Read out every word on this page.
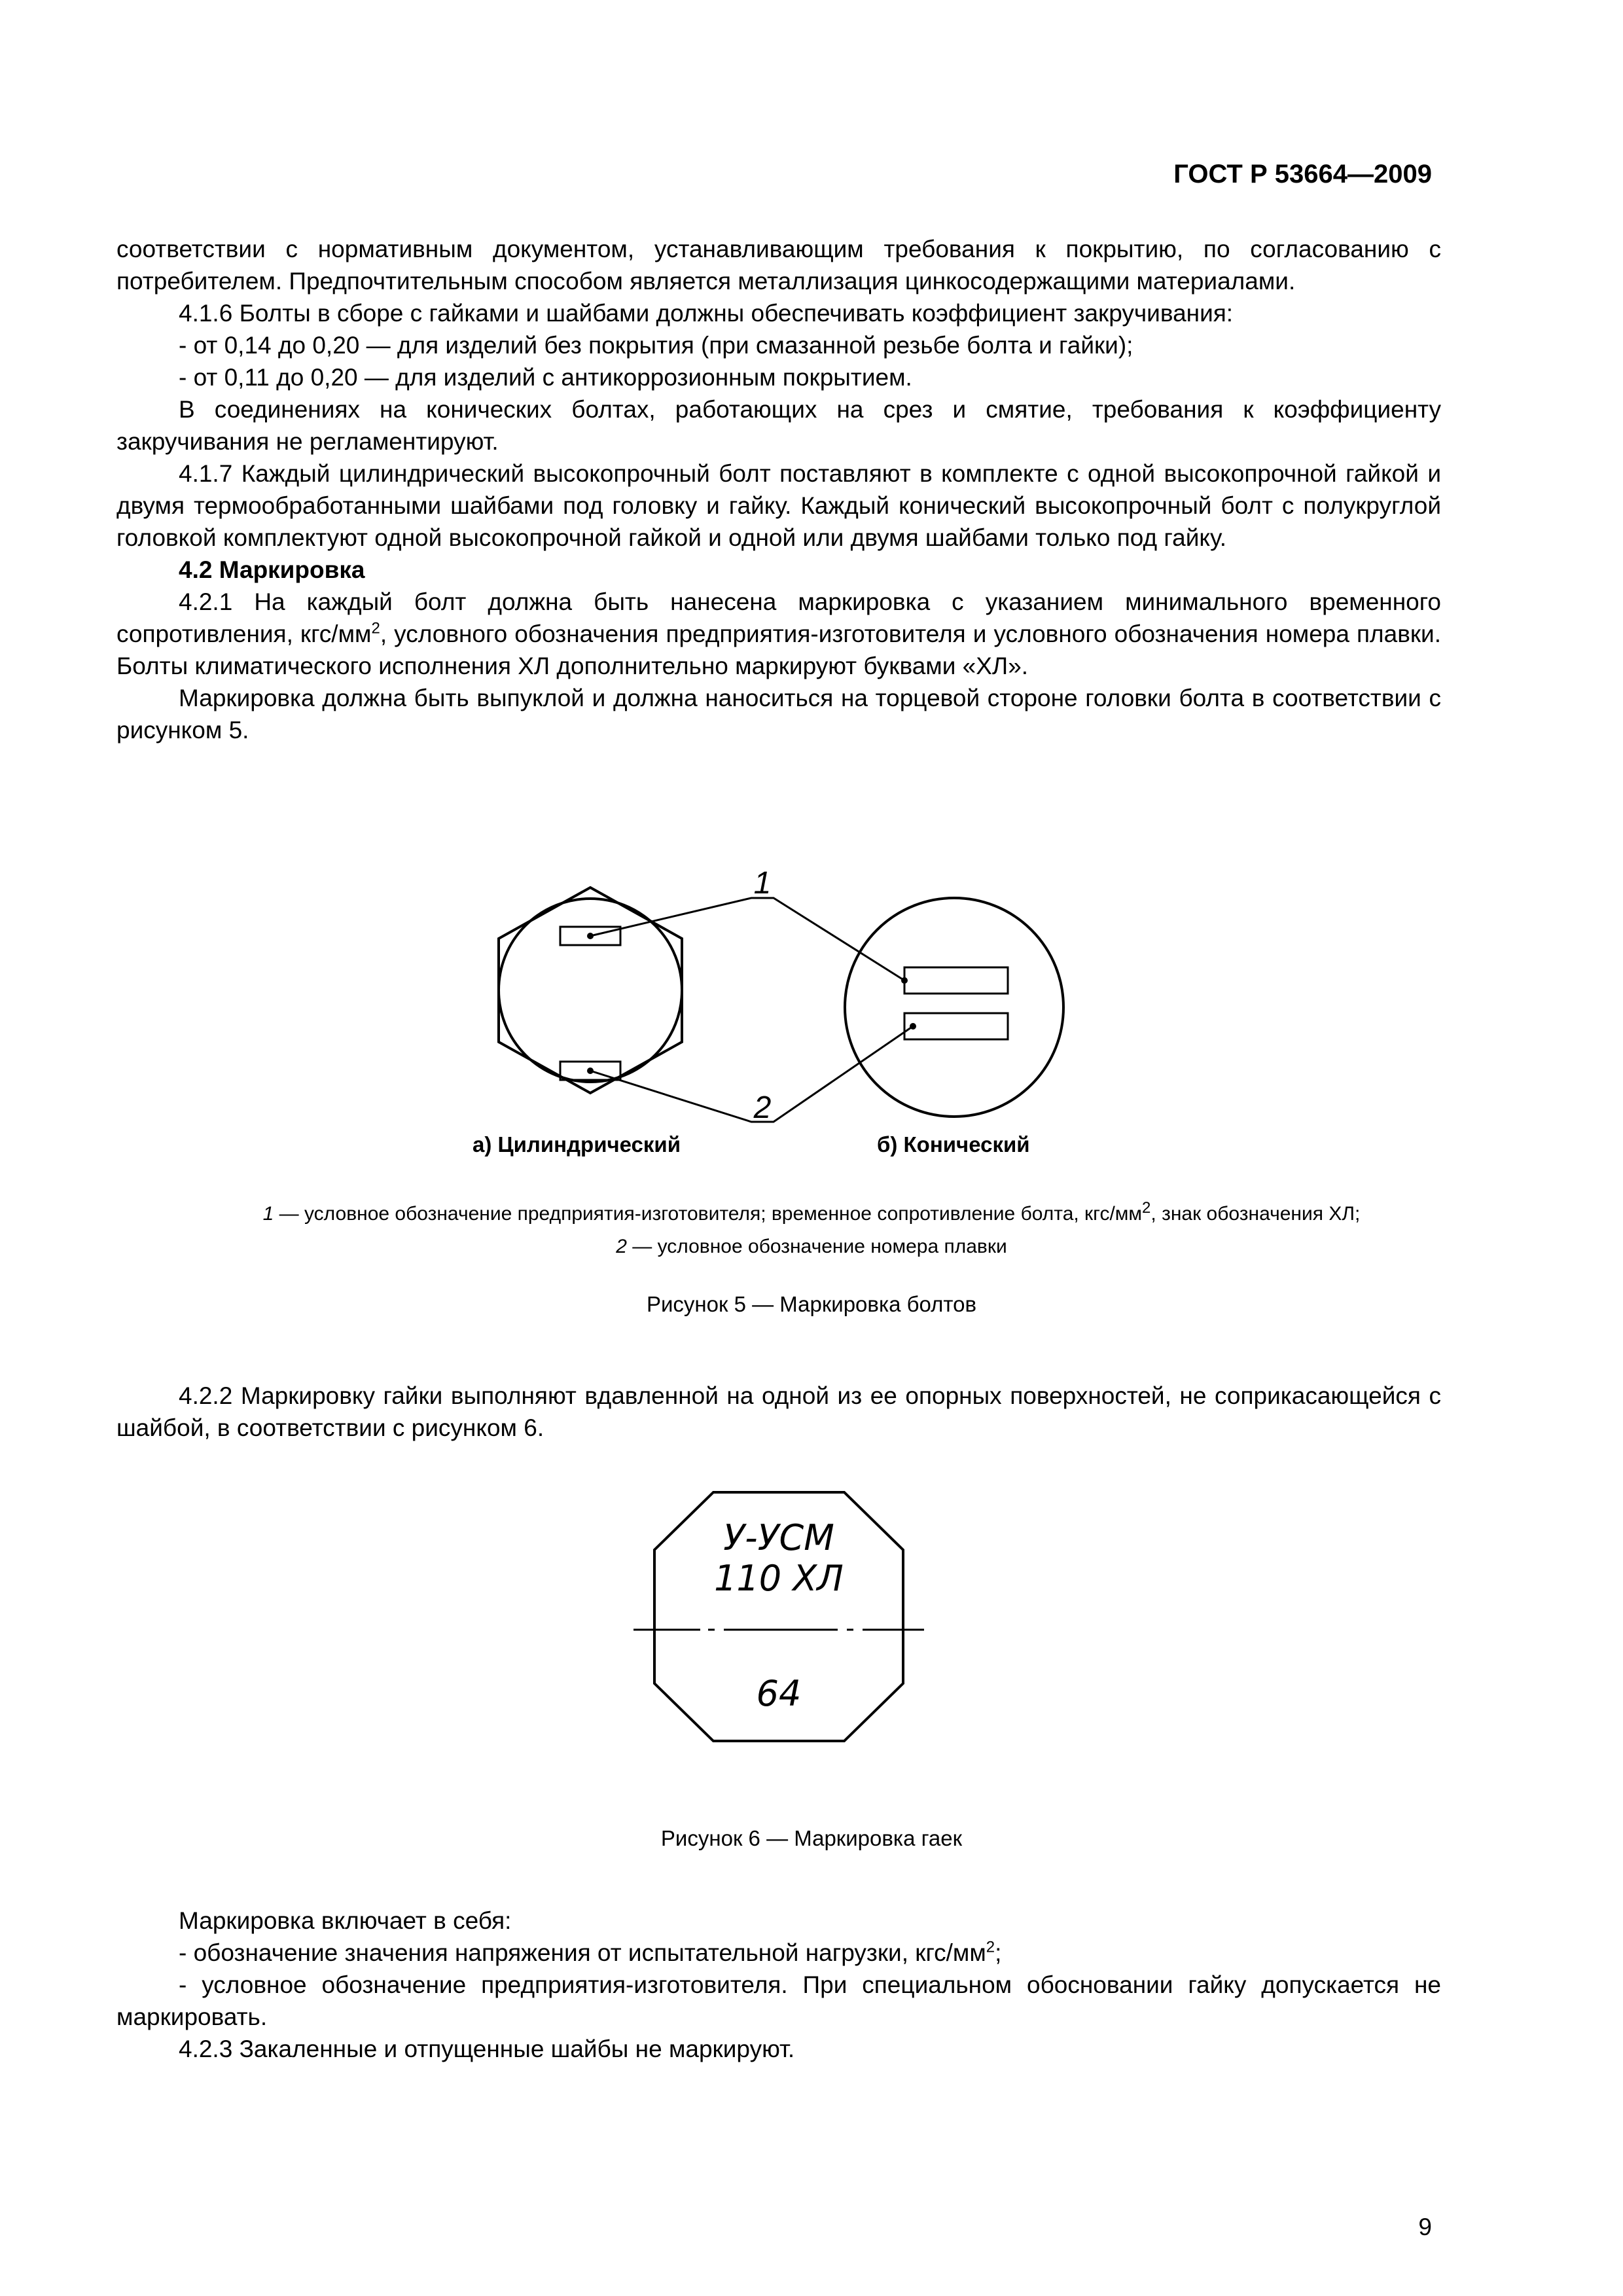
ГОСТ Р 53664—2009

соответствии с нормативным документом, устанавливающим требования к покрытию, по согласованию с потребителем. Предпочтительным способом является металлизация цинкосодержащими материалами.

4.1.6 Болты в сборе с гайками и шайбами должны обеспечивать коэффициент закручивания:

- от 0,14 до 0,20 — для изделий без покрытия (при смазанной резьбе болта и гайки);

- от 0,11 до 0,20 — для изделий с антикоррозионным покрытием.

В соединениях на конических болтах, работающих на срез и смятие, требования к коэффициенту закручивания не регламентируют.

4.1.7 Каждый цилиндрический высокопрочный болт поставляют в комплекте с одной высокопрочной гайкой и двумя термообработанными шайбами под головку и гайку. Каждый конический высокопрочный болт с полукруглой головкой комплектуют одной высокопрочной гайкой и одной или двумя шайбами только под гайку.

4.2 Маркировка

4.2.1 На каждый болт должна быть нанесена маркировка с указанием минимального временного сопротивления, кгс/$мм^2$, условного обозначения предприятия-изготовителя и условного обозначения номера плавки. Болты климатического исполнения ХЛ дополнительно маркируют буквами «ХЛ».

Маркировка должна быть выпуклой и должна наноситься на торцевой стороне головки болта в соответствии с рисунком 5.

1
2
а) Цилиндрический	б) Конический
1 — условное обозначение предприятия-изготовителя; временное сопротивление болта, кгс/$мм^2$, знак обозначения ХЛ;
2 — условное обозначение номера плавки
Рисунок 5 — Маркировка болтов

4.2.2 Маркировку гайки выполняют вдавленной на одной из ее опорных поверхностей, не соприкасающейся с шайбой, в соответствии с рисунком 6.

У-УСМ
110 ХЛ
64
Рисунок 6 — Маркировка гаек

Маркировка включает в себя:

- обозначение значения напряжения от испытательной нагрузки, кгс/$мм^2$;

- условное обозначение предприятия-изготовителя. При специальном обосновании гайку допускается не маркировать.

4.2.3 Закаленные и отпущенные шайбы не маркируют.

9
